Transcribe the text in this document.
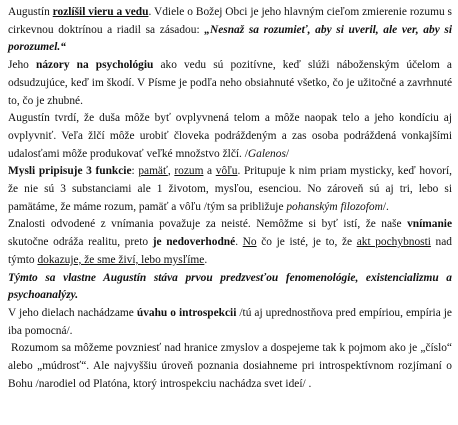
Augustín rozlíšil vieru a vedu. Vdiele o Božej Obci je jeho hlavným cieľom zmierenie rozumu s cirkevnou doktrínou a riadil sa zásadou: „Nesnaž sa rozumieť, aby si uveril, ale ver, aby si porozumel.“

Jeho názory na psychológiu ako vedu sú pozitívne, keď slúži náboženským účelom a odsudzujúce, keď im škodí. V Písme je podľa neho obsiahnuté všetko, čo je užitočné a zavrhnuté to, čo je zhubné.

Augustín tvrdí, že duša môže byť ovplyvnená telom a môže naopak telo a jeho kondíciu aj ovplyvniť. Veľa žlčí môže urobiť človeka podráždeným a zas osoba podráždená vonkajšími udalosťami môže produkovať veľké množstvo žlčí. /Galenos/

Mysli pripisuje 3 funkcie: pamäť, rozum a vôľu. Pritupuje k nim priam mysticky, keď hovorí, že nie sú 3 substanciami ale 1 životom, mysľou, esenciou. No zároveň sú aj tri, lebo si pamätáme, že máme rozum, pamäť a vôľu /tým sa približuje pohanským filozofom/.

Znalosti odvodené z vnímania považuje za neisté. Nemôžme si byť istí, že naše vnímanie skutočne odráža realitu, preto je nedoverhodné. No čo je isté, je to, že akt pochybnosti nad týmto dokazuje, že sme živí, lebo mysľíme.

Týmto sa vlastne Augustín stáva prvou predzvesťou fenomenológie, existencializmu a psychoanalýzy.

V jeho dielach nachádzame úvahu o introspekcii /tú aj uprednostňova pred empíriou, empíria je iba pomocná/.

Rozumom sa môžeme povzniesť nad hranice zmyslov a dospejeme tak k pojmom ako je „číslo“ alebo „múdrosť“. Ale najvyššiu úroveň poznania dosiahneme pri introspektívnom rozjímaní o Bohu /narodiel od Platóna, ktorý introspekciu nachádza svet ideí/ .
